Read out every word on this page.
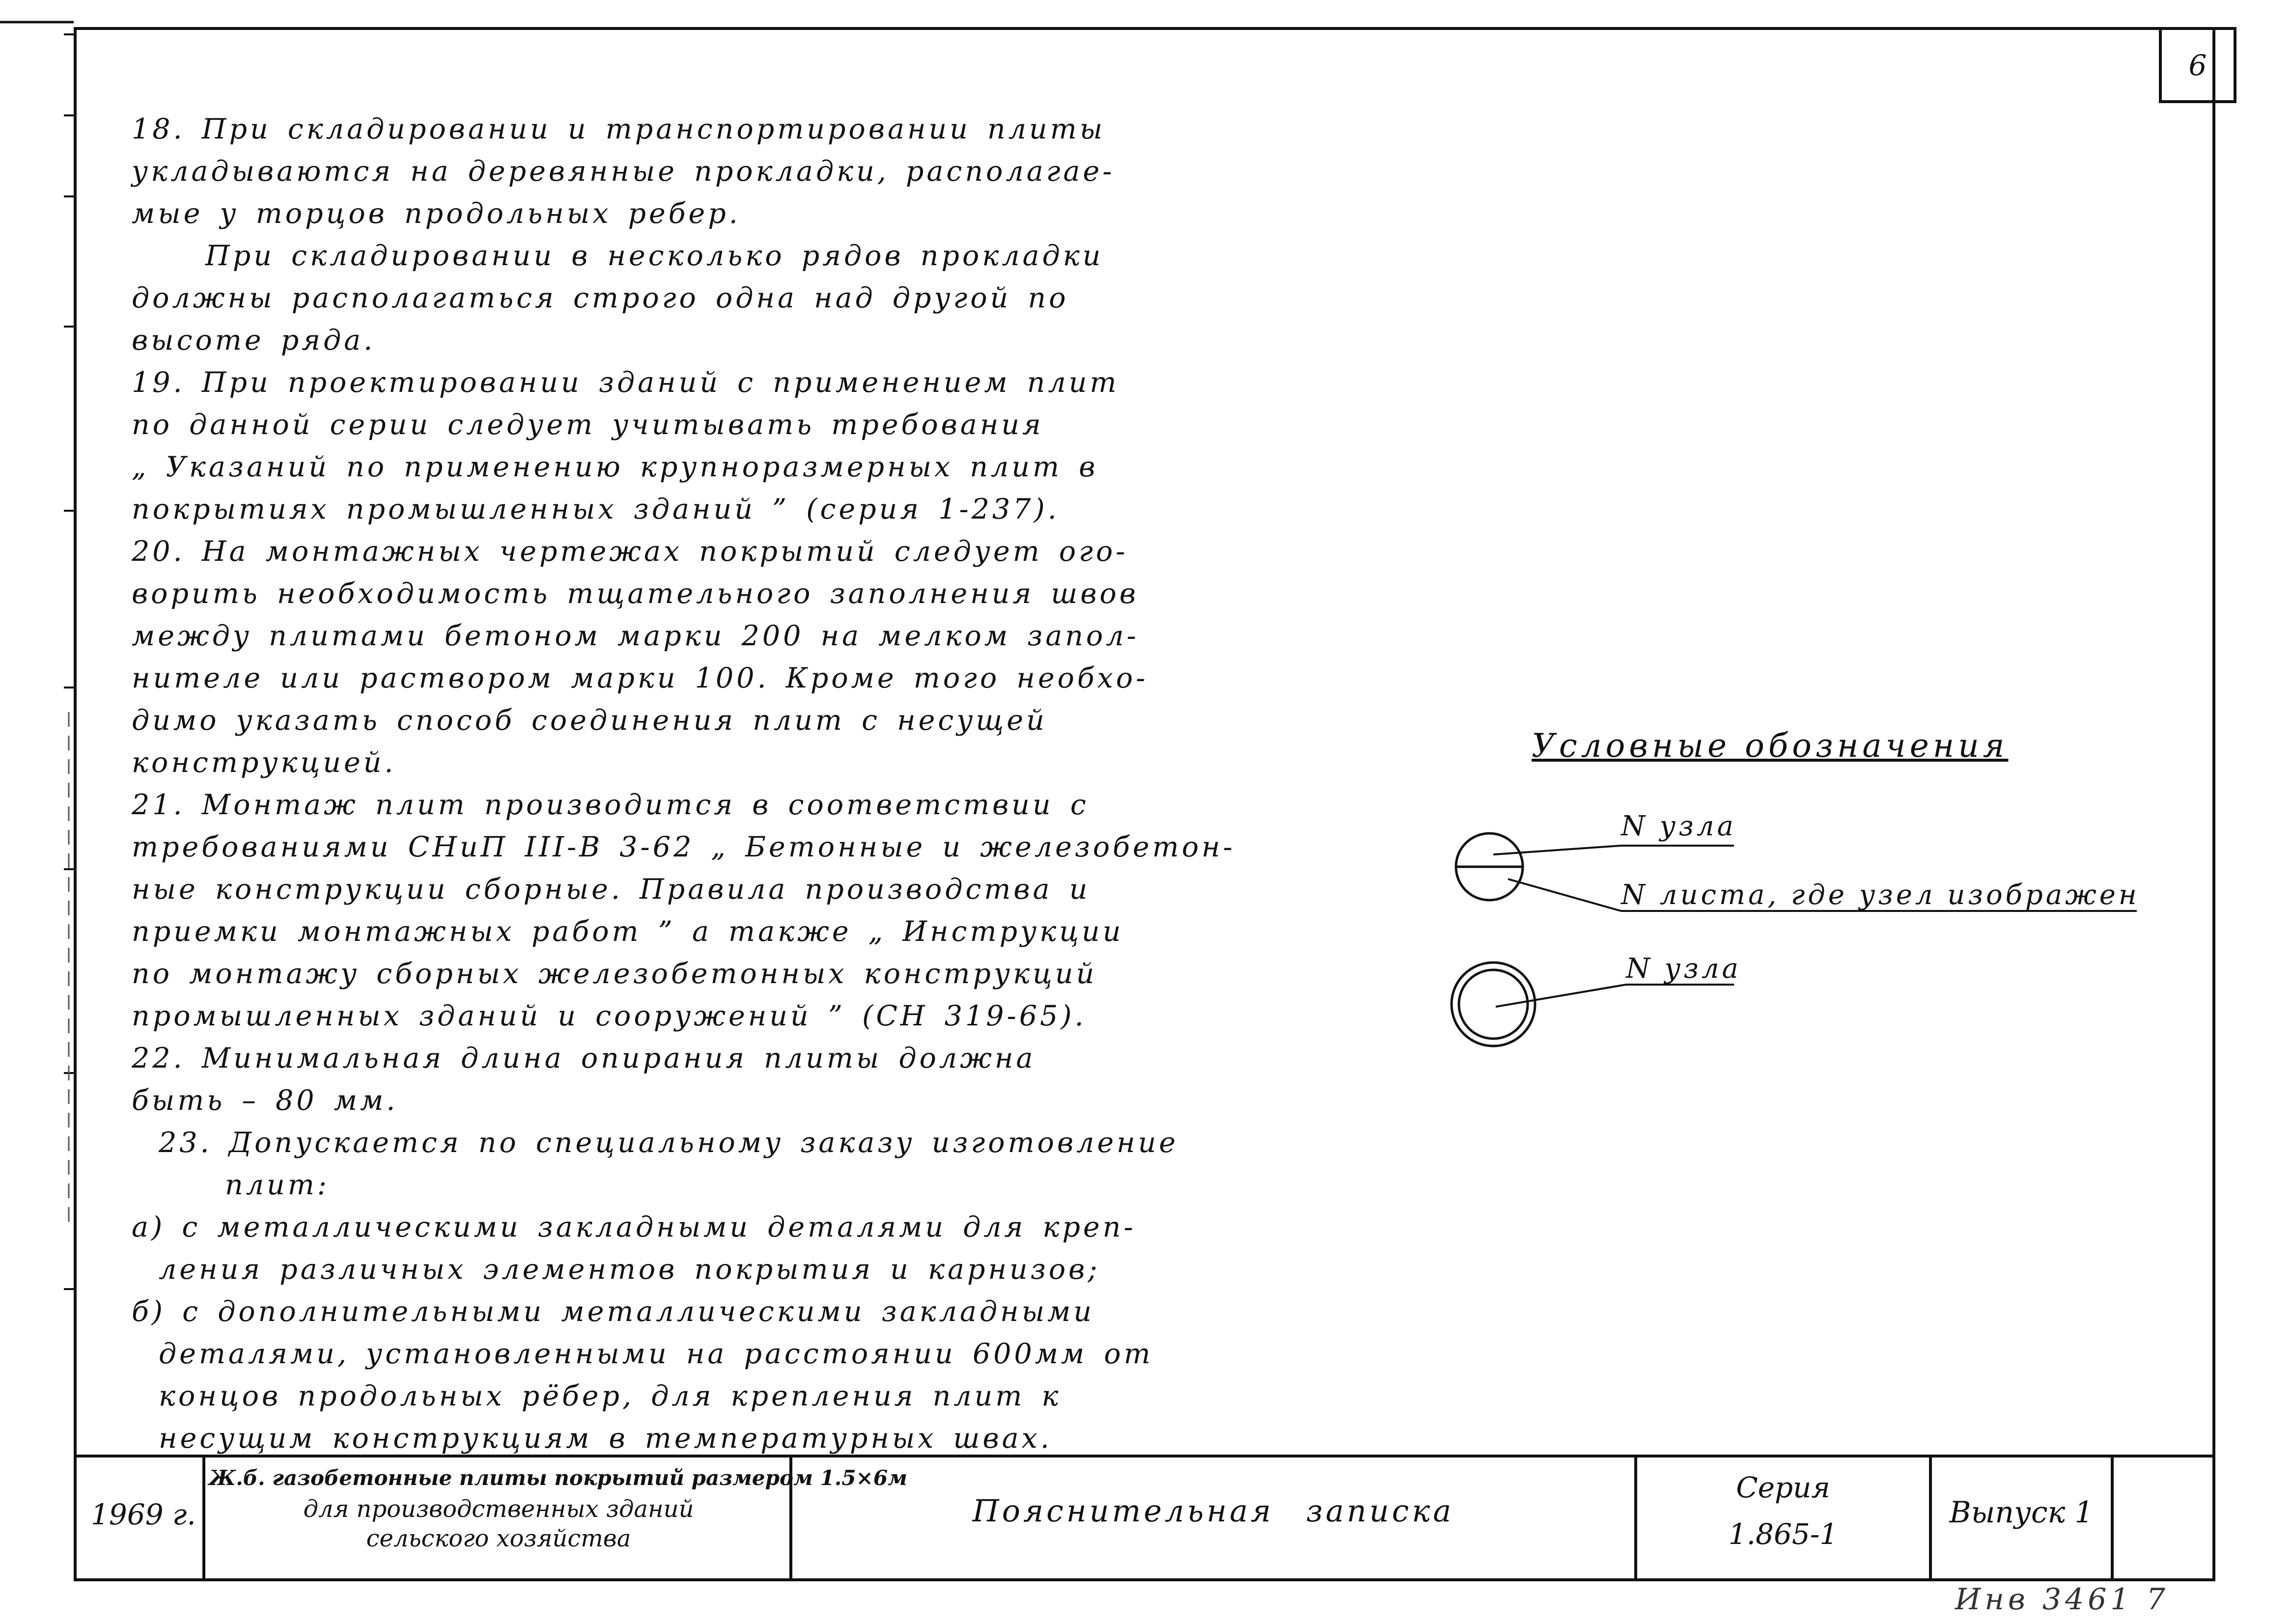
6
18. При складировании и транспортировании плиты
укладываются на деревянные прокладки, располагае-
мые у торцов продольных ребер.
При складировании в несколько рядов прокладки
должны располагаться строго одна над другой по
высоте ряда.
19. При проектировании зданий с применением плит
по данной серии следует учитывать требования
„ Указаний по применению крупноразмерных плит в
покрытиях промышленных зданий ” (серия 1-237).
20. На монтажных чертежах покрытий следует ого-
ворить необходимость тщательного заполнения швов
между плитами бетоном марки 200 на мелком запол-
нителе или раствором марки 100. Кроме того необхо-
димо указать способ соединения плит с несущей
конструкцией.
21. Монтаж плит производится в соответствии с
требованиями СНиП III-В 3-62 „ Бетонные и железобетон-
ные конструкции сборные. Правила производства и
приемки монтажных работ ” а также „ Инструкции
по монтажу сборных железобетонных конструкций
промышленных зданий и сооружений ” (СН 319-65).
22. Минимальная длина опирания плиты должна
быть – 80 мм.
23. Допускается по специальному заказу изготовление
плит:
а) с металлическими закладными деталями для креп-
ления различных элементов покрытия и карнизов;
б) с дополнительными металлическими закладными
деталями, установленными на расстоянии 600мм от
концов продольных рёбер, для крепления плит к
несущим конструкциям в температурных швах.
Условные обозначения
N узла
N листа, где узел изображен
N узла
1969 г.
Ж.б. газобетонные плиты покрытий размером 1.5×6м
для производственных зданий
сельского хозяйства
Пояснительная записка
Серия
1.865-1
Выпуск 1
Инв 3461 7
